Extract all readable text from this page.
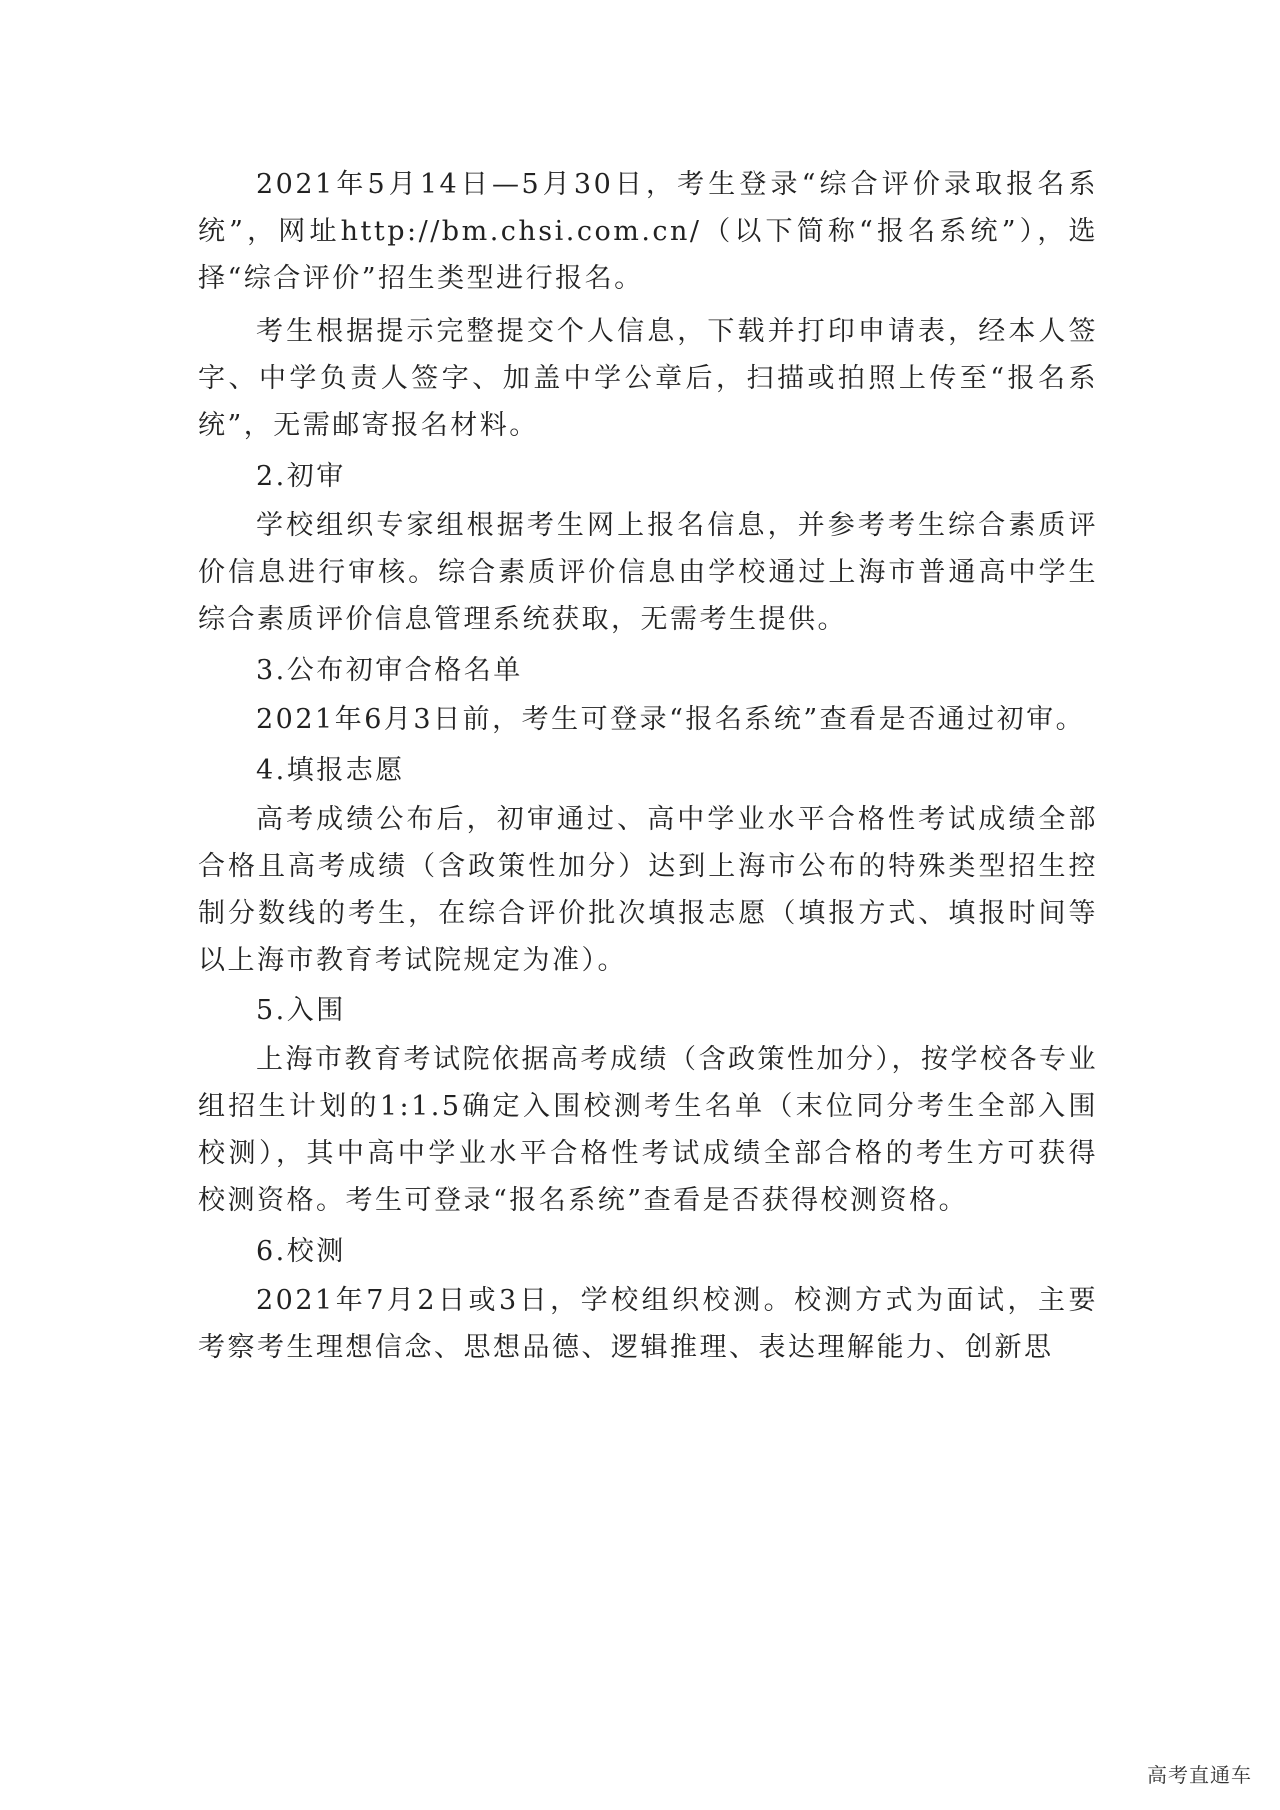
2021年5月14日—5月30日，考生登录“综合评价录取报名系统”，网址http://bm.chsi.com.cn/（以下简称“报名系统”），选择“综合评价”招生类型进行报名。

考生根据提示完整提交个人信息，下载并打印申请表，经本人签字、中学负责人签字、加盖中学公章后，扫描或拍照上传至“报名系统”，无需邮寄报名材料。

2.初审

学校组织专家组根据考生网上报名信息，并参考考生综合素质评价信息进行审核。综合素质评价信息由学校通过上海市普通高中学生综合素质评价信息管理系统获取，无需考生提供。

3.公布初审合格名单

2021年6月3日前，考生可登录“报名系统”查看是否通过初审。

4.填报志愿

高考成绩公布后，初审通过、高中学业水平合格性考试成绩全部合格且高考成绩（含政策性加分）达到上海市公布的特殊类型招生控制分数线的考生，在综合评价批次填报志愿（填报方式、填报时间等以上海市教育考试院规定为准）。

5.入围

上海市教育考试院依据高考成绩（含政策性加分），按学校各专业组招生计划的1:1.5确定入围校测考生名单（末位同分考生全部入围校测），其中高中学业水平合格性考试成绩全部合格的考生方可获得校测资格。考生可登录“报名系统”查看是否获得校测资格。

6.校测

2021年7月2日或3日，学校组织校测。校测方式为面试，主要考察考生理想信念、思想品德、逻辑推理、表达理解能力、创新思

高考直通车
